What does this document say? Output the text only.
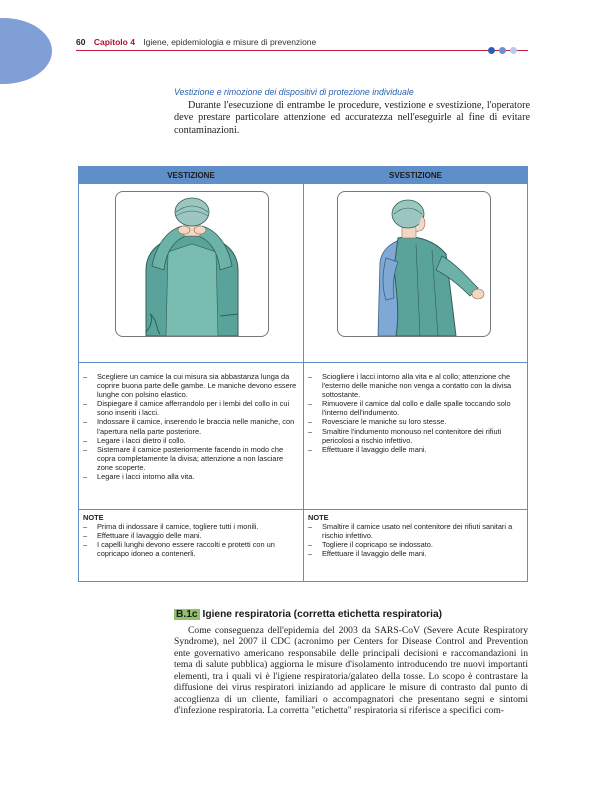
60 Capitolo 4 Igiene, epidemiologia e misure di prevenzione
Vestizione e rimozione dei dispositivi di protezione individuale

Durante l'esecuzione di entrambe le procedure, vestizione e svestizione, l'operatore deve prestare particolare attenzione ed accuratezza nell'eseguirle al fine di evitare contaminazioni.

VESTIZIONE	SVESTIZIONE
– Scegliere un camice la cui misura sia abbastanza lunga da coprire buona parte delle gambe. Le maniche devono essere lunghe con polsino elastico.
– Dispiegare il camice afferrandolo per i lembi del collo in cui sono inseriti i lacci.
– Indossare il camice, inserendo le braccia nelle maniche, con l'apertura nella parte posteriore.
– Legare i lacci dietro il collo.
– Sistemare il camice posteriormente facendo in modo che copra completamente la divisa; attenzione a non lasciare zone scoperte.
– Legare i lacci intorno alla vita.
– Sciogliere i lacci intorno alla vita e al collo; attenzione che l'esterno delle maniche non venga a contatto con la divisa sottostante.
– Rimuovere il camice dal collo e dalle spalle toccando solo l'interno dell'indumento.
– Rovesciare le maniche su loro stesse.
– Smaltire l'indumento monouso nel contenitore dei rifiuti pericolosi a rischio infettivo.
– Effettuare il lavaggio delle mani.
NOTE
– Prima di indossare il camice, togliere tutti i monili.
– Effettuare il lavaggio delle mani.
– I capelli lunghi devono essere raccolti e protetti con un copricapo idoneo a contenerli.
NOTE
– Smaltire il camice usato nel contenitore dei rifiuti sanitari a rischio infettivo.
– Togliere il copricapo se indossato.
– Effettuare il lavaggio delle mani.
B.1c Igiene respiratoria (corretta etichetta respiratoria)

Come conseguenza dell'epidemia del 2003 da SARS-CoV (Severe Acute Respiratory Syndrome), nel 2007 il CDC (acronimo per Centers for Disease Control and Prevention ente governativo americano responsabile delle principali decisioni e raccomandazioni in tema di salute pubblica) aggiorna le misure d'isolamento introducendo tre nuovi importanti elementi, tra i quali vi è l'igiene respiratoria/galateo della tosse. Lo scopo è contrastare la diffusione dei virus respiratori iniziando ad applicare le misure di contrasto dal punto di accoglienza di un cliente, familiari o accompagnatori che presentano segni e sintomi d'infezione respiratoria. La corretta "etichetta" respiratoria si riferisce a specifici com-
